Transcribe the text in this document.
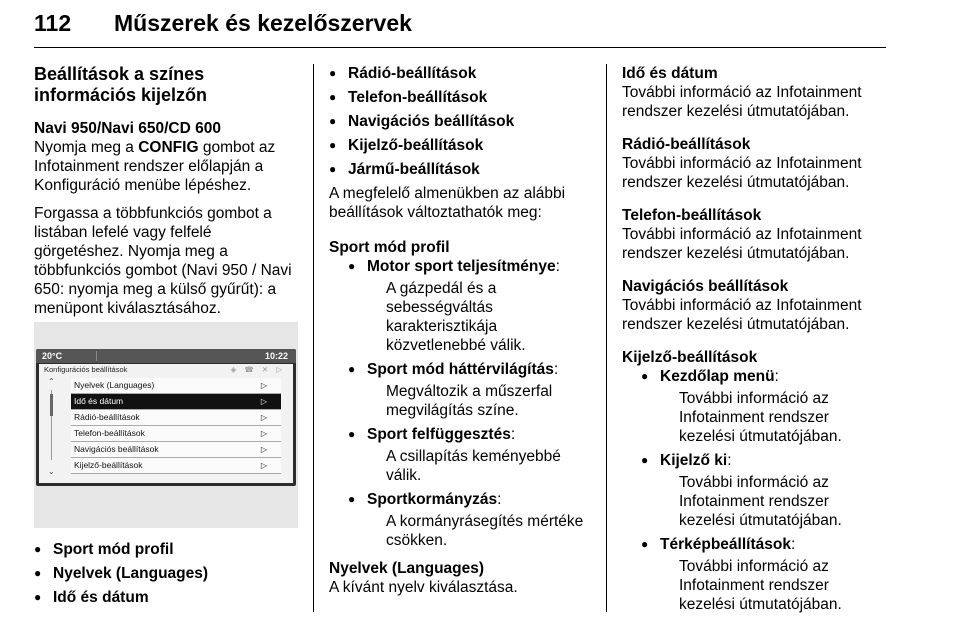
112 Műszerek és kezelőszervek
Beállítások a színes információs kijelzőn
Navi 950/Navi 650/CD 600

Nyomja meg a CONFIG gombot az Infotainment rendszer előlapján a Konfiguráció menübe lépéshez.

Forgassa a többfunkciós gombot a listában lefelé vagy felfelé görgetéshez. Nyomja meg a többfunkciós gombot (Navi 950 / Navi 650: nyomja meg a külső gyűrűt): a menüpont kiválasztásához.

20°C	10:22
Konfigurációs beállítások	◈ ☎ ✕ ▷
⌃
⌄
Nyelvek (Languages)	▷
Idő és dátum	▷
Rádió-beállítások	▷
Telefon-beállítások	▷
Navigációs beállítások	▷
Kijelző-beállítások	▷
● Sport mód profil
● Nyelvek (Languages)
● Idő és dátum
● Rádió-beállítások
● Telefon-beállítások
● Navigációs beállítások
● Kijelző-beállítások
● Jármű-beállítások

A megfelelő almenükben az alábbi beállítások változtathatók meg:

Sport mód profil
● Motor sport teljesítménye:
A gázpedál és a sebességváltás karakterisztikája közvetlenebbé válik.
● Sport mód háttérvilágítás:
Megváltozik a műszerfal megvilágítás színe.
● Sport felfüggesztés:
A csillapítás keményebbé válik.
● Sportkormányzás:
A kormányrásegítés mértéke csökken.
Nyelvek (Languages)

A kívánt nyelv kiválasztása.

Idő és dátum
További információ az Infotainment rendszer kezelési útmutatójában.
Rádió-beállítások
További információ az Infotainment rendszer kezelési útmutatójában.
Telefon-beállítások
További információ az Infotainment rendszer kezelési útmutatójában.
Navigációs beállítások
További információ az Infotainment rendszer kezelési útmutatójában.
Kijelző-beállítások
● Kezdőlap menü:
További információ az Infotainment rendszer kezelési útmutatójában.
● Kijelző ki:
További információ az Infotainment rendszer kezelési útmutatójában.
● Térképbeállítások:
További információ az Infotainment rendszer kezelési útmutatójában.
